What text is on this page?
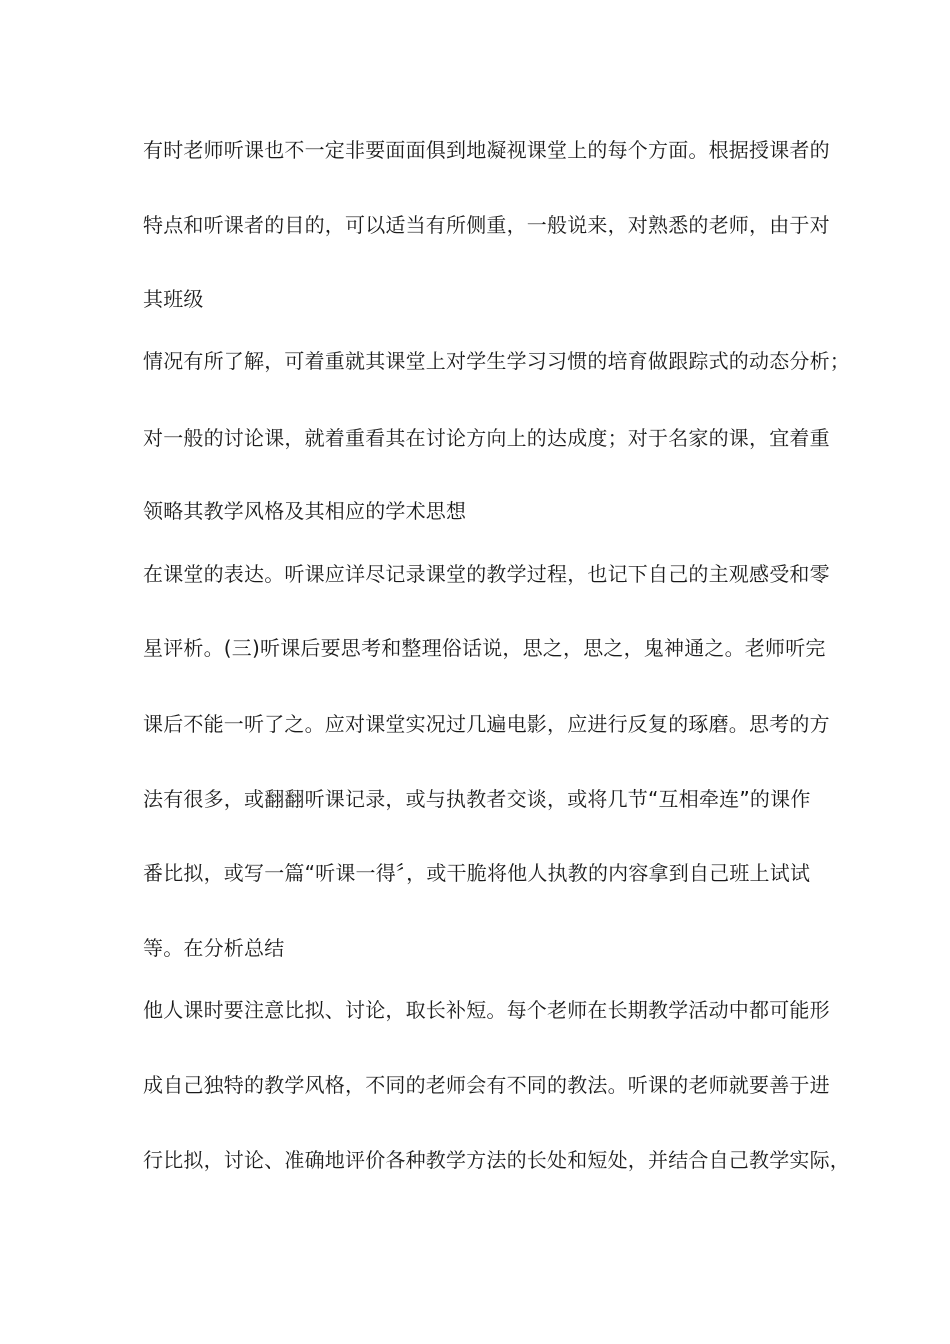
有时老师听课也不一定非要面面俱到地凝视课堂上的每个方面。根据授课者的
特点和听课者的目的，可以适当有所侧重，一般说来，对熟悉的老师，由于对
其班级
情况有所了解，可着重就其课堂上对学生学习习惯的培育做跟踪式的动态分析；
对一般的讨论课，就着重看其在讨论方向上的达成度；对于名家的课，宜着重
领略其教学风格及其相应的学术思想
在课堂的表达。听课应详尽记录课堂的教学过程，也记下自己的主观感受和零
星评析。(三)听课后要思考和整理俗话说，思之，思之，鬼神通之。老师听完
课后不能一听了之。应对课堂实况过几遍电影，应进行反复的琢磨。思考的方
法有很多，或翻翻听课记录，或与执教者交谈，或将几节“互相牵连”的课作
番比拟，或写一篇“听课一得〞，或干脆将他人执教的内容拿到自己班上试试
等。在分析总结
他人课时要注意比拟、讨论，取长补短。每个老师在长期教学活动中都可能形
成自己独特的教学风格，不同的老师会有不同的教法。听课的老师就要善于进
行比拟，讨论、准确地评价各种教学方法的长处和短处，并结合自己教学实际，
